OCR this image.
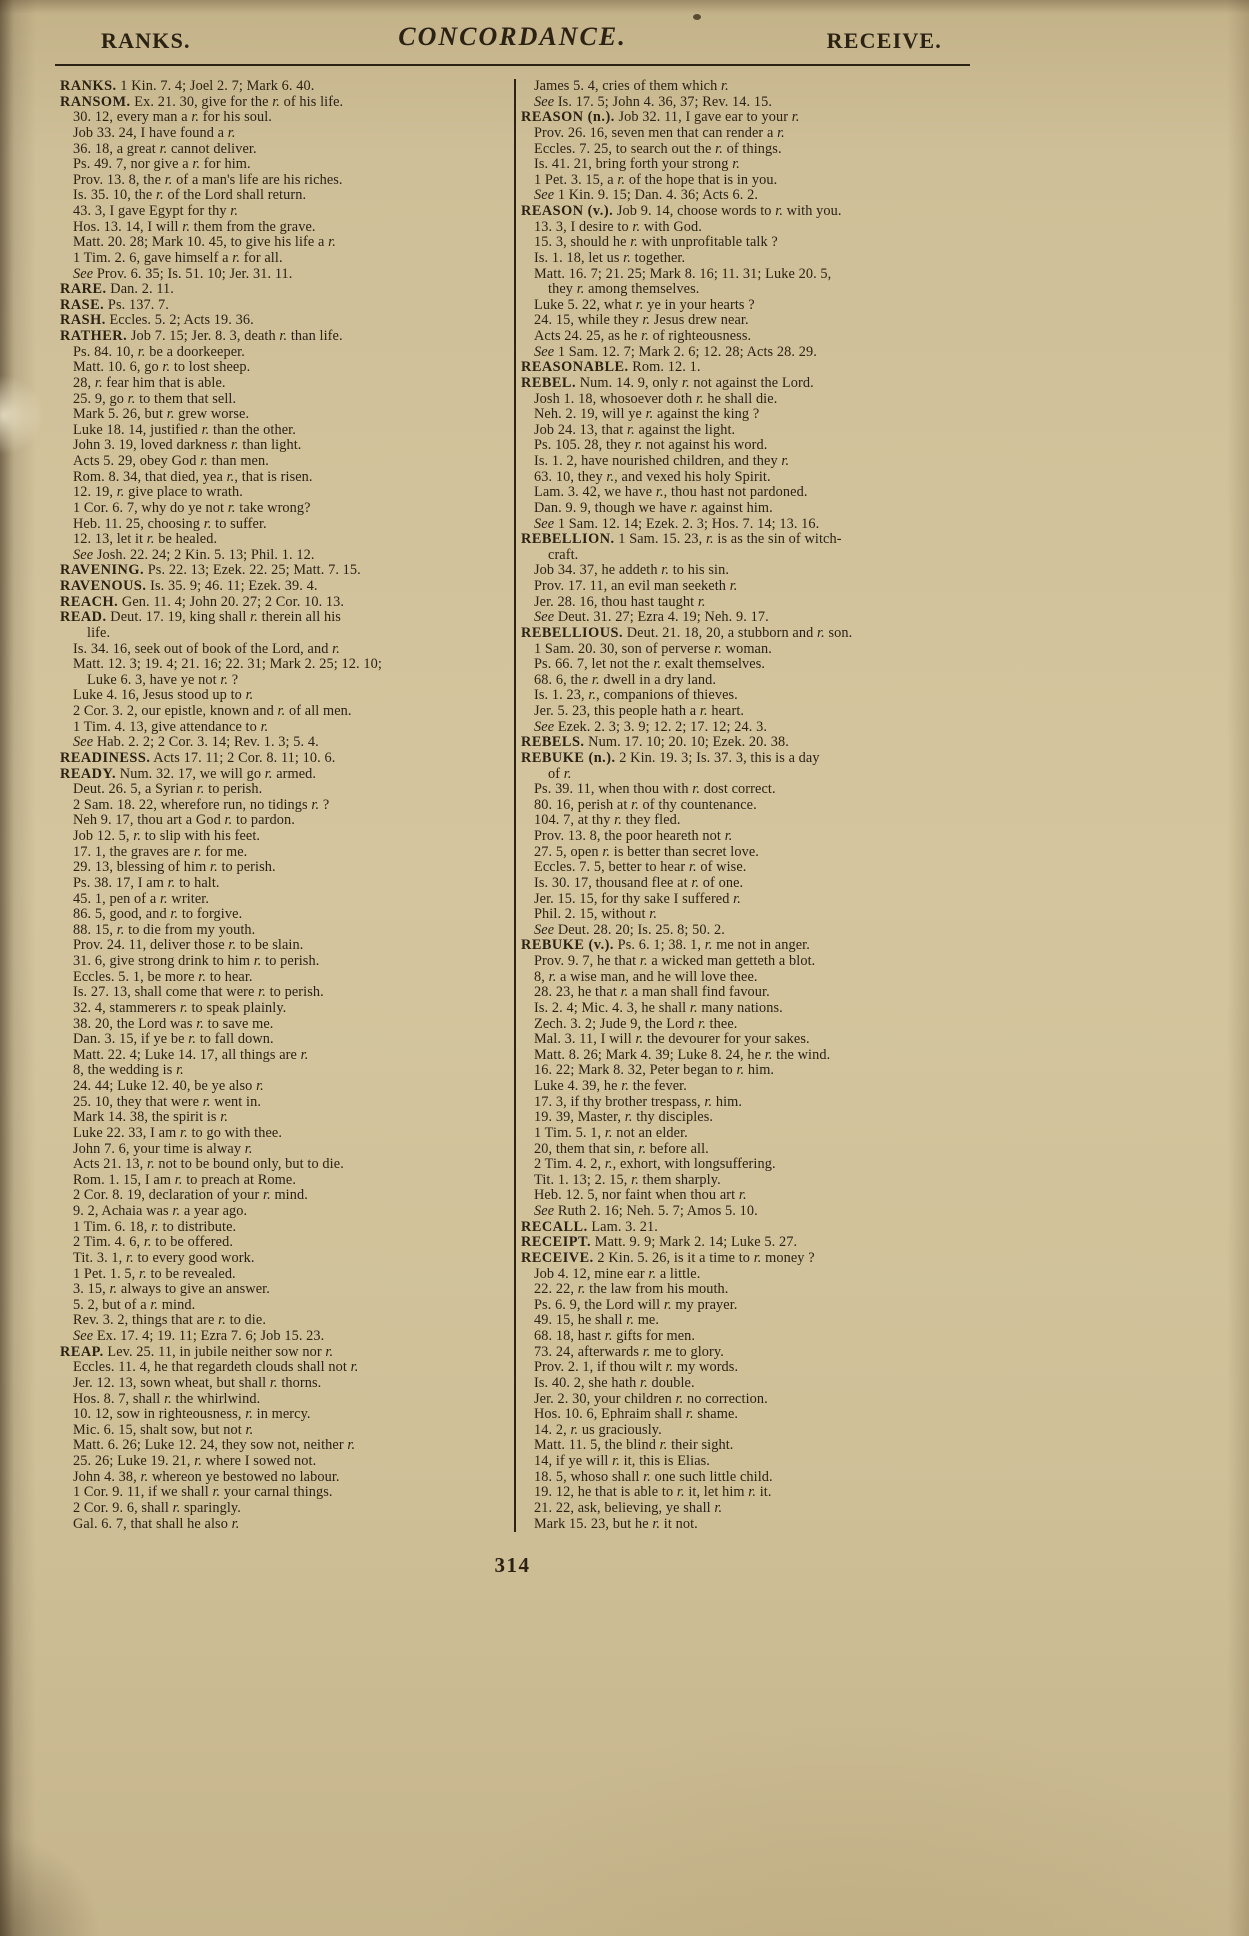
RANKS.	CONCORDANCE.	RECEIVE.
RANKS. 1 Kin. 7. 4; Joel 2. 7; Mark 6. 40.
RANSOM. Ex. 21. 30, give for the r. of his life.
30. 12, every man a r. for his soul.
Job 33. 24, I have found a r.
36. 18, a great r. cannot deliver.
Ps. 49. 7, nor give a r. for him.
Prov. 13. 8, the r. of a man's life are his riches.
Is. 35. 10, the r. of the Lord shall return.
43. 3, I gave Egypt for thy r.
Hos. 13. 14, I will r. them from the grave.
Matt. 20. 28; Mark 10. 45, to give his life a r.
1 Tim. 2. 6, gave himself a r. for all.
See Prov. 6. 35; Is. 51. 10; Jer. 31. 11.
RARE. Dan. 2. 11.
RASE. Ps. 137. 7.
RASH. Eccles. 5. 2; Acts 19. 36.
RATHER. Job 7. 15; Jer. 8. 3, death r. than life.
Ps. 84. 10, r. be a doorkeeper.
Matt. 10. 6, go r. to lost sheep.
28, r. fear him that is able.
25. 9, go r. to them that sell.
Mark 5. 26, but r. grew worse.
Luke 18. 14, justified r. than the other.
John 3. 19, loved darkness r. than light.
Acts 5. 29, obey God r. than men.
Rom. 8. 34, that died, yea r., that is risen.
12. 19, r. give place to wrath.
1 Cor. 6. 7, why do ye not r. take wrong?
Heb. 11. 25, choosing r. to suffer.
12. 13, let it r. be healed.
See Josh. 22. 24; 2 Kin. 5. 13; Phil. 1. 12.
RAVENING. Ps. 22. 13; Ezek. 22. 25; Matt. 7. 15.
RAVENOUS. Is. 35. 9; 46. 11; Ezek. 39. 4.
REACH. Gen. 11. 4; John 20. 27; 2 Cor. 10. 13.
READ. Deut. 17. 19, king shall r. therein all his
life.
Is. 34. 16, seek out of book of the Lord, and r.
Matt. 12. 3; 19. 4; 21. 16; 22. 31; Mark 2. 25; 12. 10;
Luke 6. 3, have ye not r. ?
Luke 4. 16, Jesus stood up to r.
2 Cor. 3. 2, our epistle, known and r. of all men.
1 Tim. 4. 13, give attendance to r.
See Hab. 2. 2; 2 Cor. 3. 14; Rev. 1. 3; 5. 4.
READINESS. Acts 17. 11; 2 Cor. 8. 11; 10. 6.
READY. Num. 32. 17, we will go r. armed.
Deut. 26. 5, a Syrian r. to perish.
2 Sam. 18. 22, wherefore run, no tidings r. ?
Neh 9. 17, thou art a God r. to pardon.
Job 12. 5, r. to slip with his feet.
17. 1, the graves are r. for me.
29. 13, blessing of him r. to perish.
Ps. 38. 17, I am r. to halt.
45. 1, pen of a r. writer.
86. 5, good, and r. to forgive.
88. 15, r. to die from my youth.
Prov. 24. 11, deliver those r. to be slain.
31. 6, give strong drink to him r. to perish.
Eccles. 5. 1, be more r. to hear.
Is. 27. 13, shall come that were r. to perish.
32. 4, stammerers r. to speak plainly.
38. 20, the Lord was r. to save me.
Dan. 3. 15, if ye be r. to fall down.
Matt. 22. 4; Luke 14. 17, all things are r.
8, the wedding is r.
24. 44; Luke 12. 40, be ye also r.
25. 10, they that were r. went in.
Mark 14. 38, the spirit is r.
Luke 22. 33, I am r. to go with thee.
John 7. 6, your time is alway r.
Acts 21. 13, r. not to be bound only, but to die.
Rom. 1. 15, I am r. to preach at Rome.
2 Cor. 8. 19, declaration of your r. mind.
9. 2, Achaia was r. a year ago.
1 Tim. 6. 18, r. to distribute.
2 Tim. 4. 6, r. to be offered.
Tit. 3. 1, r. to every good work.
1 Pet. 1. 5, r. to be revealed.
3. 15, r. always to give an answer.
5. 2, but of a r. mind.
Rev. 3. 2, things that are r. to die.
See Ex. 17. 4; 19. 11; Ezra 7. 6; Job 15. 23.
REAP. Lev. 25. 11, in jubile neither sow nor r.
Eccles. 11. 4, he that regardeth clouds shall not r.
Jer. 12. 13, sown wheat, but shall r. thorns.
Hos. 8. 7, shall r. the whirlwind.
10. 12, sow in righteousness, r. in mercy.
Mic. 6. 15, shalt sow, but not r.
Matt. 6. 26; Luke 12. 24, they sow not, neither r.
25. 26; Luke 19. 21, r. where I sowed not.
John 4. 38, r. whereon ye bestowed no labour.
1 Cor. 9. 11, if we shall r. your carnal things.
2 Cor. 9. 6, shall r. sparingly.
Gal. 6. 7, that shall he also r.
James 5. 4, cries of them which r.
See Is. 17. 5; John 4. 36, 37; Rev. 14. 15.
REASON (n.). Job 32. 11, I gave ear to your r.
Prov. 26. 16, seven men that can render a r.
Eccles. 7. 25, to search out the r. of things.
Is. 41. 21, bring forth your strong r.
1 Pet. 3. 15, a r. of the hope that is in you.
See 1 Kin. 9. 15; Dan. 4. 36; Acts 6. 2.
REASON (v.). Job 9. 14, choose words to r. with you.
13. 3, I desire to r. with God.
15. 3, should he r. with unprofitable talk ?
Is. 1. 18, let us r. together.
Matt. 16. 7; 21. 25; Mark 8. 16; 11. 31; Luke 20. 5,
they r. among themselves.
Luke 5. 22, what r. ye in your hearts ?
24. 15, while they r. Jesus drew near.
Acts 24. 25, as he r. of righteousness.
See 1 Sam. 12. 7; Mark 2. 6; 12. 28; Acts 28. 29.
REASONABLE. Rom. 12. 1.
REBEL. Num. 14. 9, only r. not against the Lord.
Josh 1. 18, whosoever doth r. he shall die.
Neh. 2. 19, will ye r. against the king ?
Job 24. 13, that r. against the light.
Ps. 105. 28, they r. not against his word.
Is. 1. 2, have nourished children, and they r.
63. 10, they r., and vexed his holy Spirit.
Lam. 3. 42, we have r., thou hast not pardoned.
Dan. 9. 9, though we have r. against him.
See 1 Sam. 12. 14; Ezek. 2. 3; Hos. 7. 14; 13. 16.
REBELLION. 1 Sam. 15. 23, r. is as the sin of witch-
craft.
Job 34. 37, he addeth r. to his sin.
Prov. 17. 11, an evil man seeketh r.
Jer. 28. 16, thou hast taught r.
See Deut. 31. 27; Ezra 4. 19; Neh. 9. 17.
REBELLIOUS. Deut. 21. 18, 20, a stubborn and r. son.
1 Sam. 20. 30, son of perverse r. woman.
Ps. 66. 7, let not the r. exalt themselves.
68. 6, the r. dwell in a dry land.
Is. 1. 23, r., companions of thieves.
Jer. 5. 23, this people hath a r. heart.
See Ezek. 2. 3; 3. 9; 12. 2; 17. 12; 24. 3.
REBELS. Num. 17. 10; 20. 10; Ezek. 20. 38.
REBUKE (n.). 2 Kin. 19. 3; Is. 37. 3, this is a day
of r.
Ps. 39. 11, when thou with r. dost correct.
80. 16, perish at r. of thy countenance.
104. 7, at thy r. they fled.
Prov. 13. 8, the poor heareth not r.
27. 5, open r. is better than secret love.
Eccles. 7. 5, better to hear r. of wise.
Is. 30. 17, thousand flee at r. of one.
Jer. 15. 15, for thy sake I suffered r.
Phil. 2. 15, without r.
See Deut. 28. 20; Is. 25. 8; 50. 2.
REBUKE (v.). Ps. 6. 1; 38. 1, r. me not in anger.
Prov. 9. 7, he that r. a wicked man getteth a blot.
8, r. a wise man, and he will love thee.
28. 23, he that r. a man shall find favour.
Is. 2. 4; Mic. 4. 3, he shall r. many nations.
Zech. 3. 2; Jude 9, the Lord r. thee.
Mal. 3. 11, I will r. the devourer for your sakes.
Matt. 8. 26; Mark 4. 39; Luke 8. 24, he r. the wind.
16. 22; Mark 8. 32, Peter began to r. him.
Luke 4. 39, he r. the fever.
17. 3, if thy brother trespass, r. him.
19. 39, Master, r. thy disciples.
1 Tim. 5. 1, r. not an elder.
20, them that sin, r. before all.
2 Tim. 4. 2, r., exhort, with longsuffering.
Tit. 1. 13; 2. 15, r. them sharply.
Heb. 12. 5, nor faint when thou art r.
See Ruth 2. 16; Neh. 5. 7; Amos 5. 10.
RECALL. Lam. 3. 21.
RECEIPT. Matt. 9. 9; Mark 2. 14; Luke 5. 27.
RECEIVE. 2 Kin. 5. 26, is it a time to r. money ?
Job 4. 12, mine ear r. a little.
22. 22, r. the law from his mouth.
Ps. 6. 9, the Lord will r. my prayer.
49. 15, he shall r. me.
68. 18, hast r. gifts for men.
73. 24, afterwards r. me to glory.
Prov. 2. 1, if thou wilt r. my words.
Is. 40. 2, she hath r. double.
Jer. 2. 30, your children r. no correction.
Hos. 10. 6, Ephraim shall r. shame.
14. 2, r. us graciously.
Matt. 11. 5, the blind r. their sight.
14, if ye will r. it, this is Elias.
18. 5, whoso shall r. one such little child.
19. 12, he that is able to r. it, let him r. it.
21. 22, ask, believing, ye shall r.
Mark 15. 23, but he r. it not.
314
